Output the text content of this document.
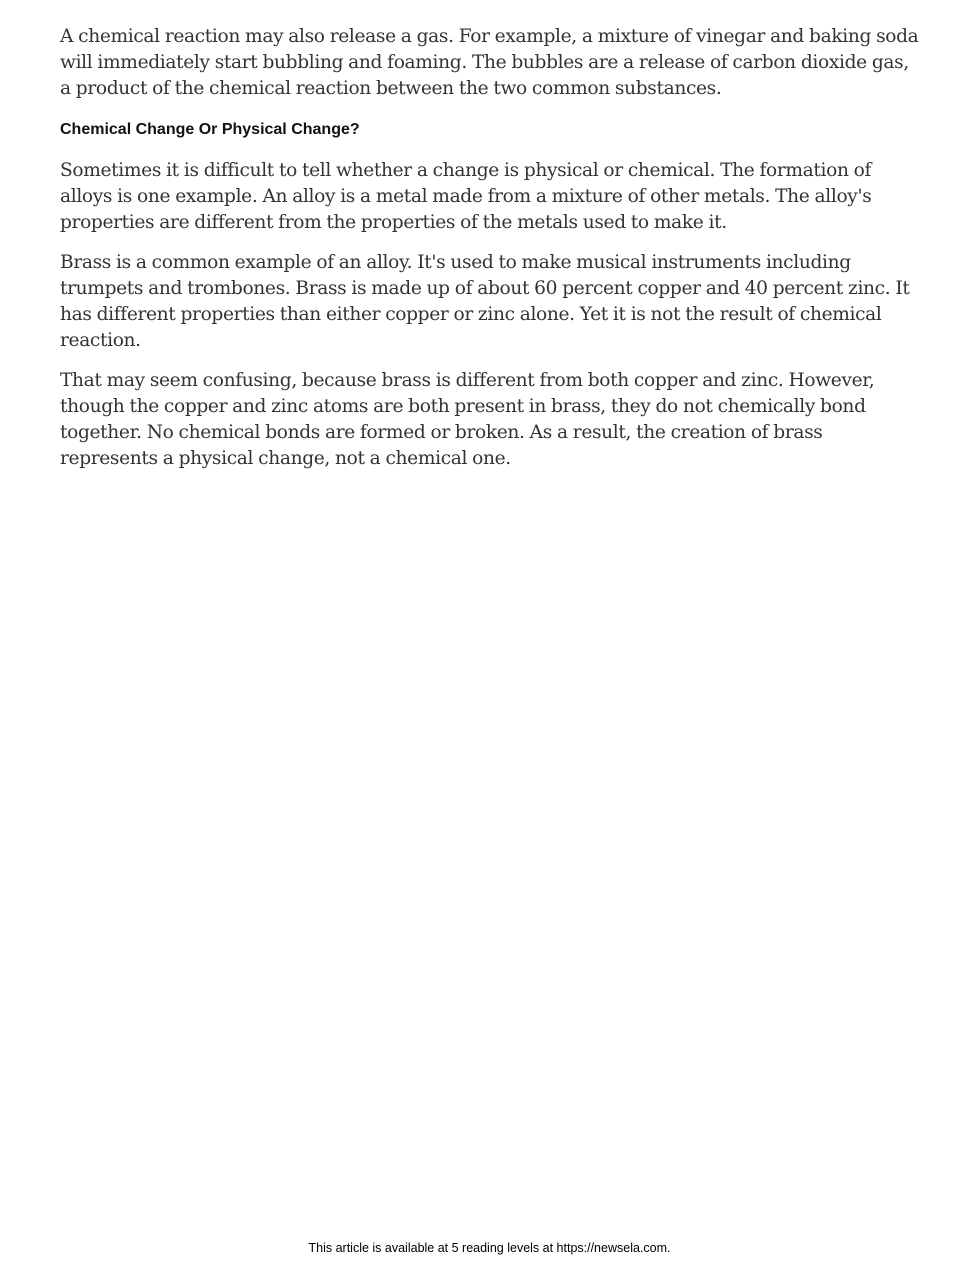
A chemical reaction may also release a gas. For example, a mixture of vinegar and baking soda will immediately start bubbling and foaming. The bubbles are a release of carbon dioxide gas, a product of the chemical reaction between the two common substances.

Chemical Change Or Physical Change?

Sometimes it is difficult to tell whether a change is physical or chemical. The formation of alloys is one example. An alloy is a metal made from a mixture of other metals. The alloy's properties are different from the properties of the metals used to make it.

Brass is a common example of an alloy. It's used to make musical instruments including trumpets and trombones. Brass is made up of about 60 percent copper and 40 percent zinc. It has different properties than either copper or zinc alone. Yet it is not the result of chemical reaction.

That may seem confusing, because brass is different from both copper and zinc. However, though the copper and zinc atoms are both present in brass, they do not chemically bond together. No chemical bonds are formed or broken. As a result, the creation of brass represents a physical change, not a chemical one.

This article is available at 5 reading levels at https://newsela.com.
